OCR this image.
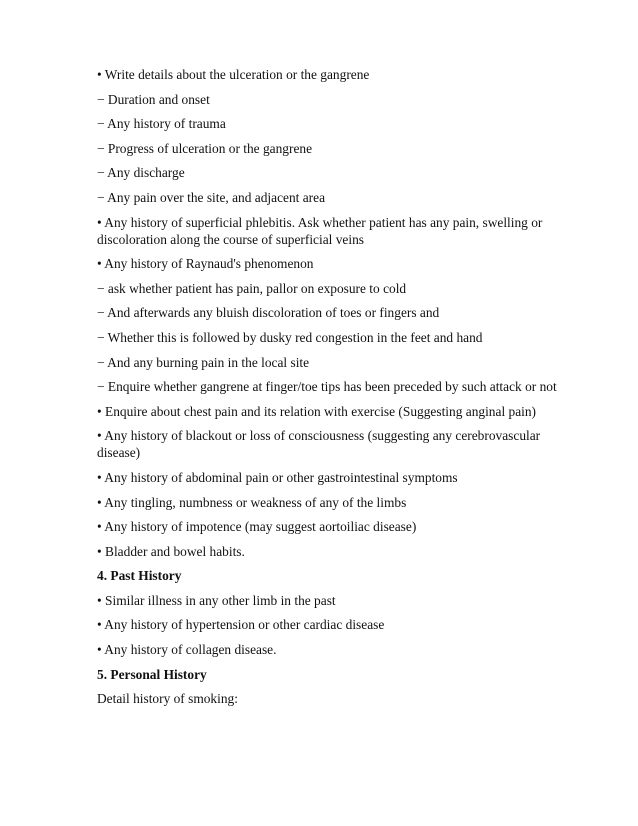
• Write details about the ulceration or the gangrene

− Duration and onset

− Any history of trauma

− Progress of ulceration or the gangrene

− Any discharge

− Any pain over the site, and adjacent area

• Any history of superficial phlebitis. Ask whether patient has any pain, swelling or discoloration along the course of superficial veins

• Any history of Raynaud's phenomenon

− ask whether patient has pain, pallor on exposure to cold

− And afterwards any bluish discoloration of toes or fingers and

− Whether this is followed by dusky red congestion in the feet and hand

− And any burning pain in the local site

− Enquire whether gangrene at finger/toe tips has been preceded by such attack or not

• Enquire about chest pain and its relation with exercise (Suggesting anginal pain)

• Any history of blackout or loss of consciousness (suggesting any cerebrovascular disease)

• Any history of abdominal pain or other gastrointestinal symptoms

• Any tingling, numbness or weakness of any of the limbs

• Any history of impotence (may suggest aortoiliac disease)

• Bladder and bowel habits.

4. Past History

• Similar illness in any other limb in the past

• Any history of hypertension or other cardiac disease

• Any history of collagen disease.

5. Personal History

Detail history of smoking:
